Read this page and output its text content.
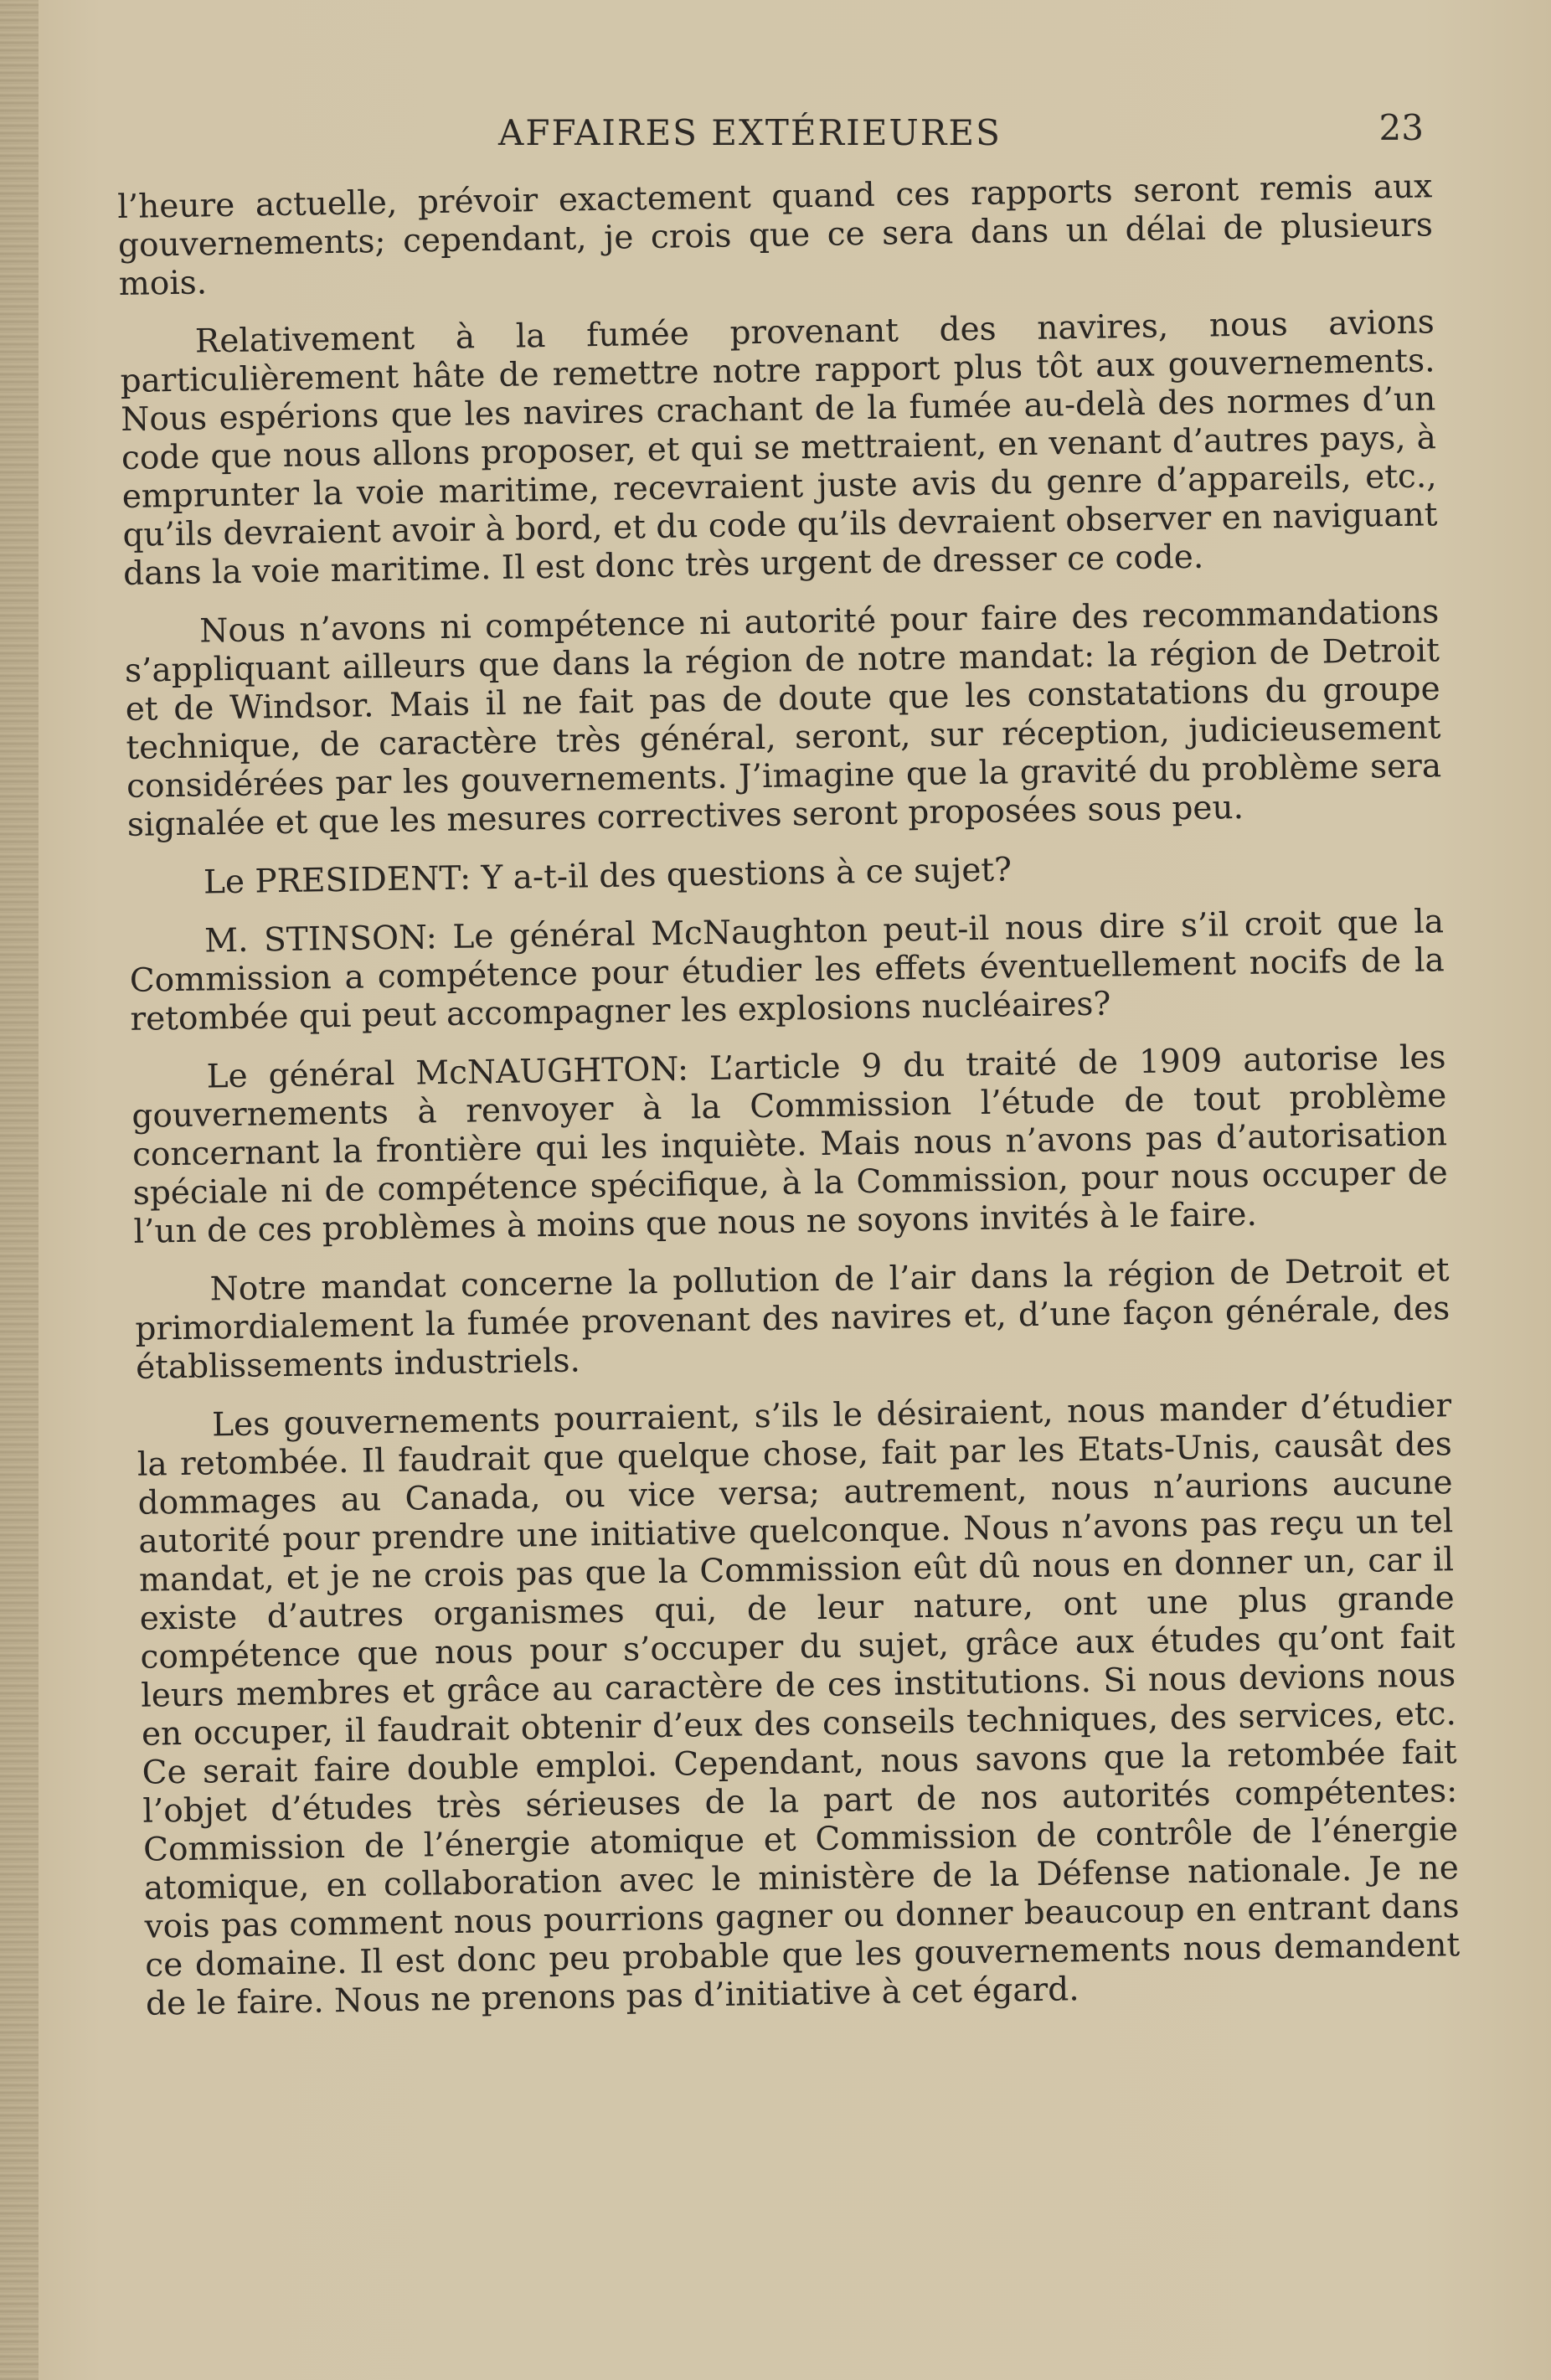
AFFAIRES EXTÉRIEURES	23

l’heure actuelle, prévoir exactement quand ces rapports seront remis aux gouvernements; cependant, je crois que ce sera dans un délai de plusieurs mois.

Relativement à la fumée provenant des navires, nous avions particulièrement hâte de remettre notre rapport plus tôt aux gouvernements. Nous espérions que les navires crachant de la fumée au-delà des normes d’un code que nous allons proposer, et qui se mettraient, en venant d’autres pays, à emprunter la voie maritime, recevraient juste avis du genre d’appareils, etc., qu’ils devraient avoir à bord, et du code qu’ils devraient observer en naviguant dans la voie maritime. Il est donc très urgent de dresser ce code.

Nous n’avons ni compétence ni autorité pour faire des recommandations s’appliquant ailleurs que dans la région de notre mandat: la région de Detroit et de Windsor. Mais il ne fait pas de doute que les constatations du groupe technique, de caractère très général, seront, sur réception, judicieusement considérées par les gouvernements. J’imagine que la gravité du problème sera signalée et que les mesures correctives seront proposées sous peu.

Le PRESIDENT: Y a-t-il des questions à ce sujet?

M. STINSON: Le général McNaughton peut-il nous dire s’il croit que la Commission a compétence pour étudier les effets éventuellement nocifs de la retombée qui peut accompagner les explosions nucléaires?

Le général McNAUGHTON: L’article 9 du traité de 1909 autorise les gouvernements à renvoyer à la Commission l’étude de tout problème concernant la frontière qui les inquiète. Mais nous n’avons pas d’autorisation spéciale ni de compétence spécifique, à la Commission, pour nous occuper de l’un de ces problèmes à moins que nous ne soyons invités à le faire.

Notre mandat concerne la pollution de l’air dans la région de Detroit et primordialement la fumée provenant des navires et, d’une façon générale, des établissements industriels.

Les gouvernements pourraient, s’ils le désiraient, nous mander d’étudier la retombée. Il faudrait que quelque chose, fait par les Etats-Unis, causât des dommages au Canada, ou vice versa; autrement, nous n’aurions aucune autorité pour prendre une initiative quelconque. Nous n’avons pas reçu un tel mandat, et je ne crois pas que la Commission eût dû nous en donner un, car il existe d’autres organismes qui, de leur nature, ont une plus grande compétence que nous pour s’occuper du sujet, grâce aux études qu’ont fait leurs membres et grâce au caractère de ces institutions. Si nous devions nous en occuper, il faudrait obtenir d’eux des conseils techniques, des services, etc. Ce serait faire double emploi. Cependant, nous savons que la retombée fait l’objet d’études très sérieuses de la part de nos autorités compétentes: Commission de l’énergie atomique et Commission de contrôle de l’énergie atomique, en collaboration avec le ministère de la Défense nationale. Je ne vois pas comment nous pourrions gagner ou donner beaucoup en entrant dans ce domaine. Il est donc peu probable que les gouvernements nous demandent de le faire. Nous ne prenons pas d’initiative à cet égard.
